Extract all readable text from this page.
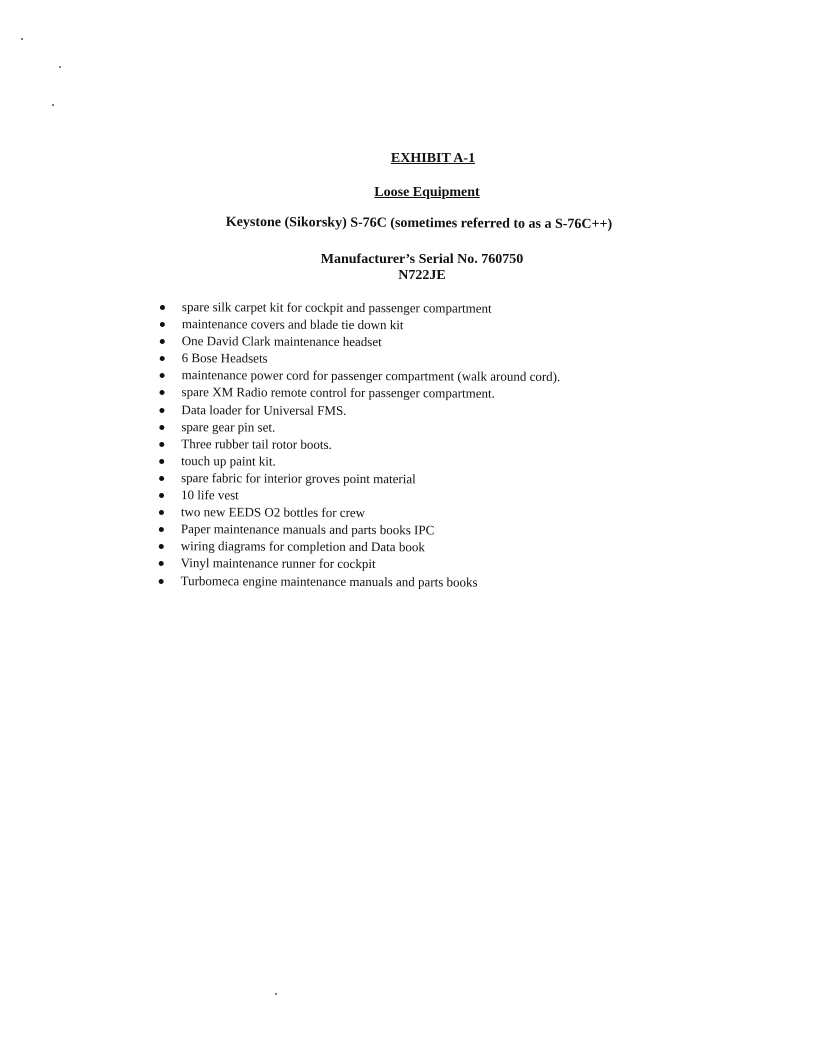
EXHIBIT A-1

Loose Equipment

Keystone (Sikorsky) S-76C (sometimes referred to as a S-76C++)

Manufacturer’s Serial No. 760750

N722JE

spare silk carpet kit for cockpit and passenger compartment
maintenance covers and blade tie down kit
One David Clark maintenance headset
6 Bose Headsets
maintenance power cord for passenger compartment (walk around cord).
spare XM Radio remote control for passenger compartment.
Data loader for Universal FMS.
spare gear pin set.
Three rubber tail rotor boots.
touch up paint kit.
spare fabric for interior groves point material
10 life vest
two new EEDS O2 bottles for crew
Paper maintenance manuals and parts books IPC
wiring diagrams for completion and Data book
Vinyl maintenance runner for cockpit
Turbomeca engine maintenance manuals and parts books
